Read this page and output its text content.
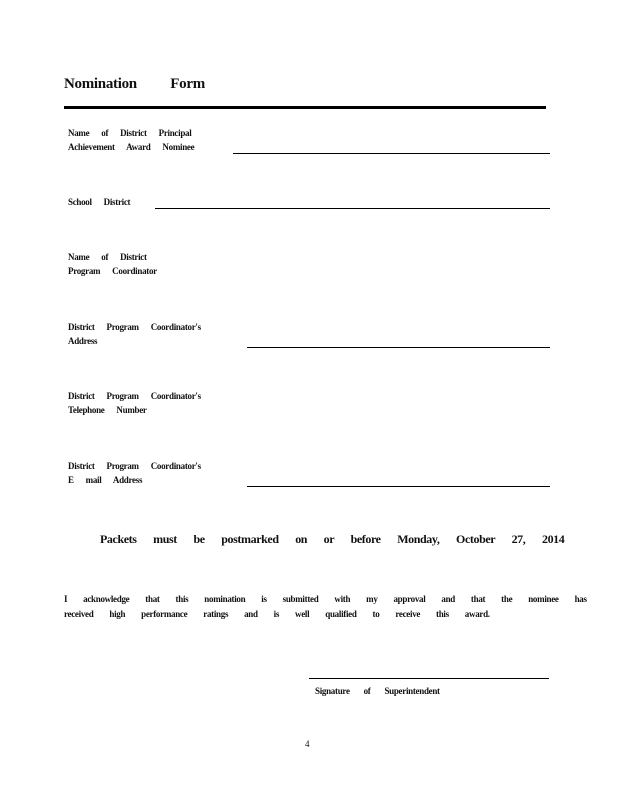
Nomination Form
Name of District Principal
Achievement Award Nominee
School District
Name of District
Program Coordinator
District Program Coordinator's
Address
District Program Coordinator's
Telephone Number
District Program Coordinator's
E mail Address
Packets must be postmarked on or before Monday, October 27, 2014
I acknowledge that this nomination is submitted with my approval and that the nominee has
received high performance ratings and is well qualified to receive this award.
Signature of Superintendent
4
